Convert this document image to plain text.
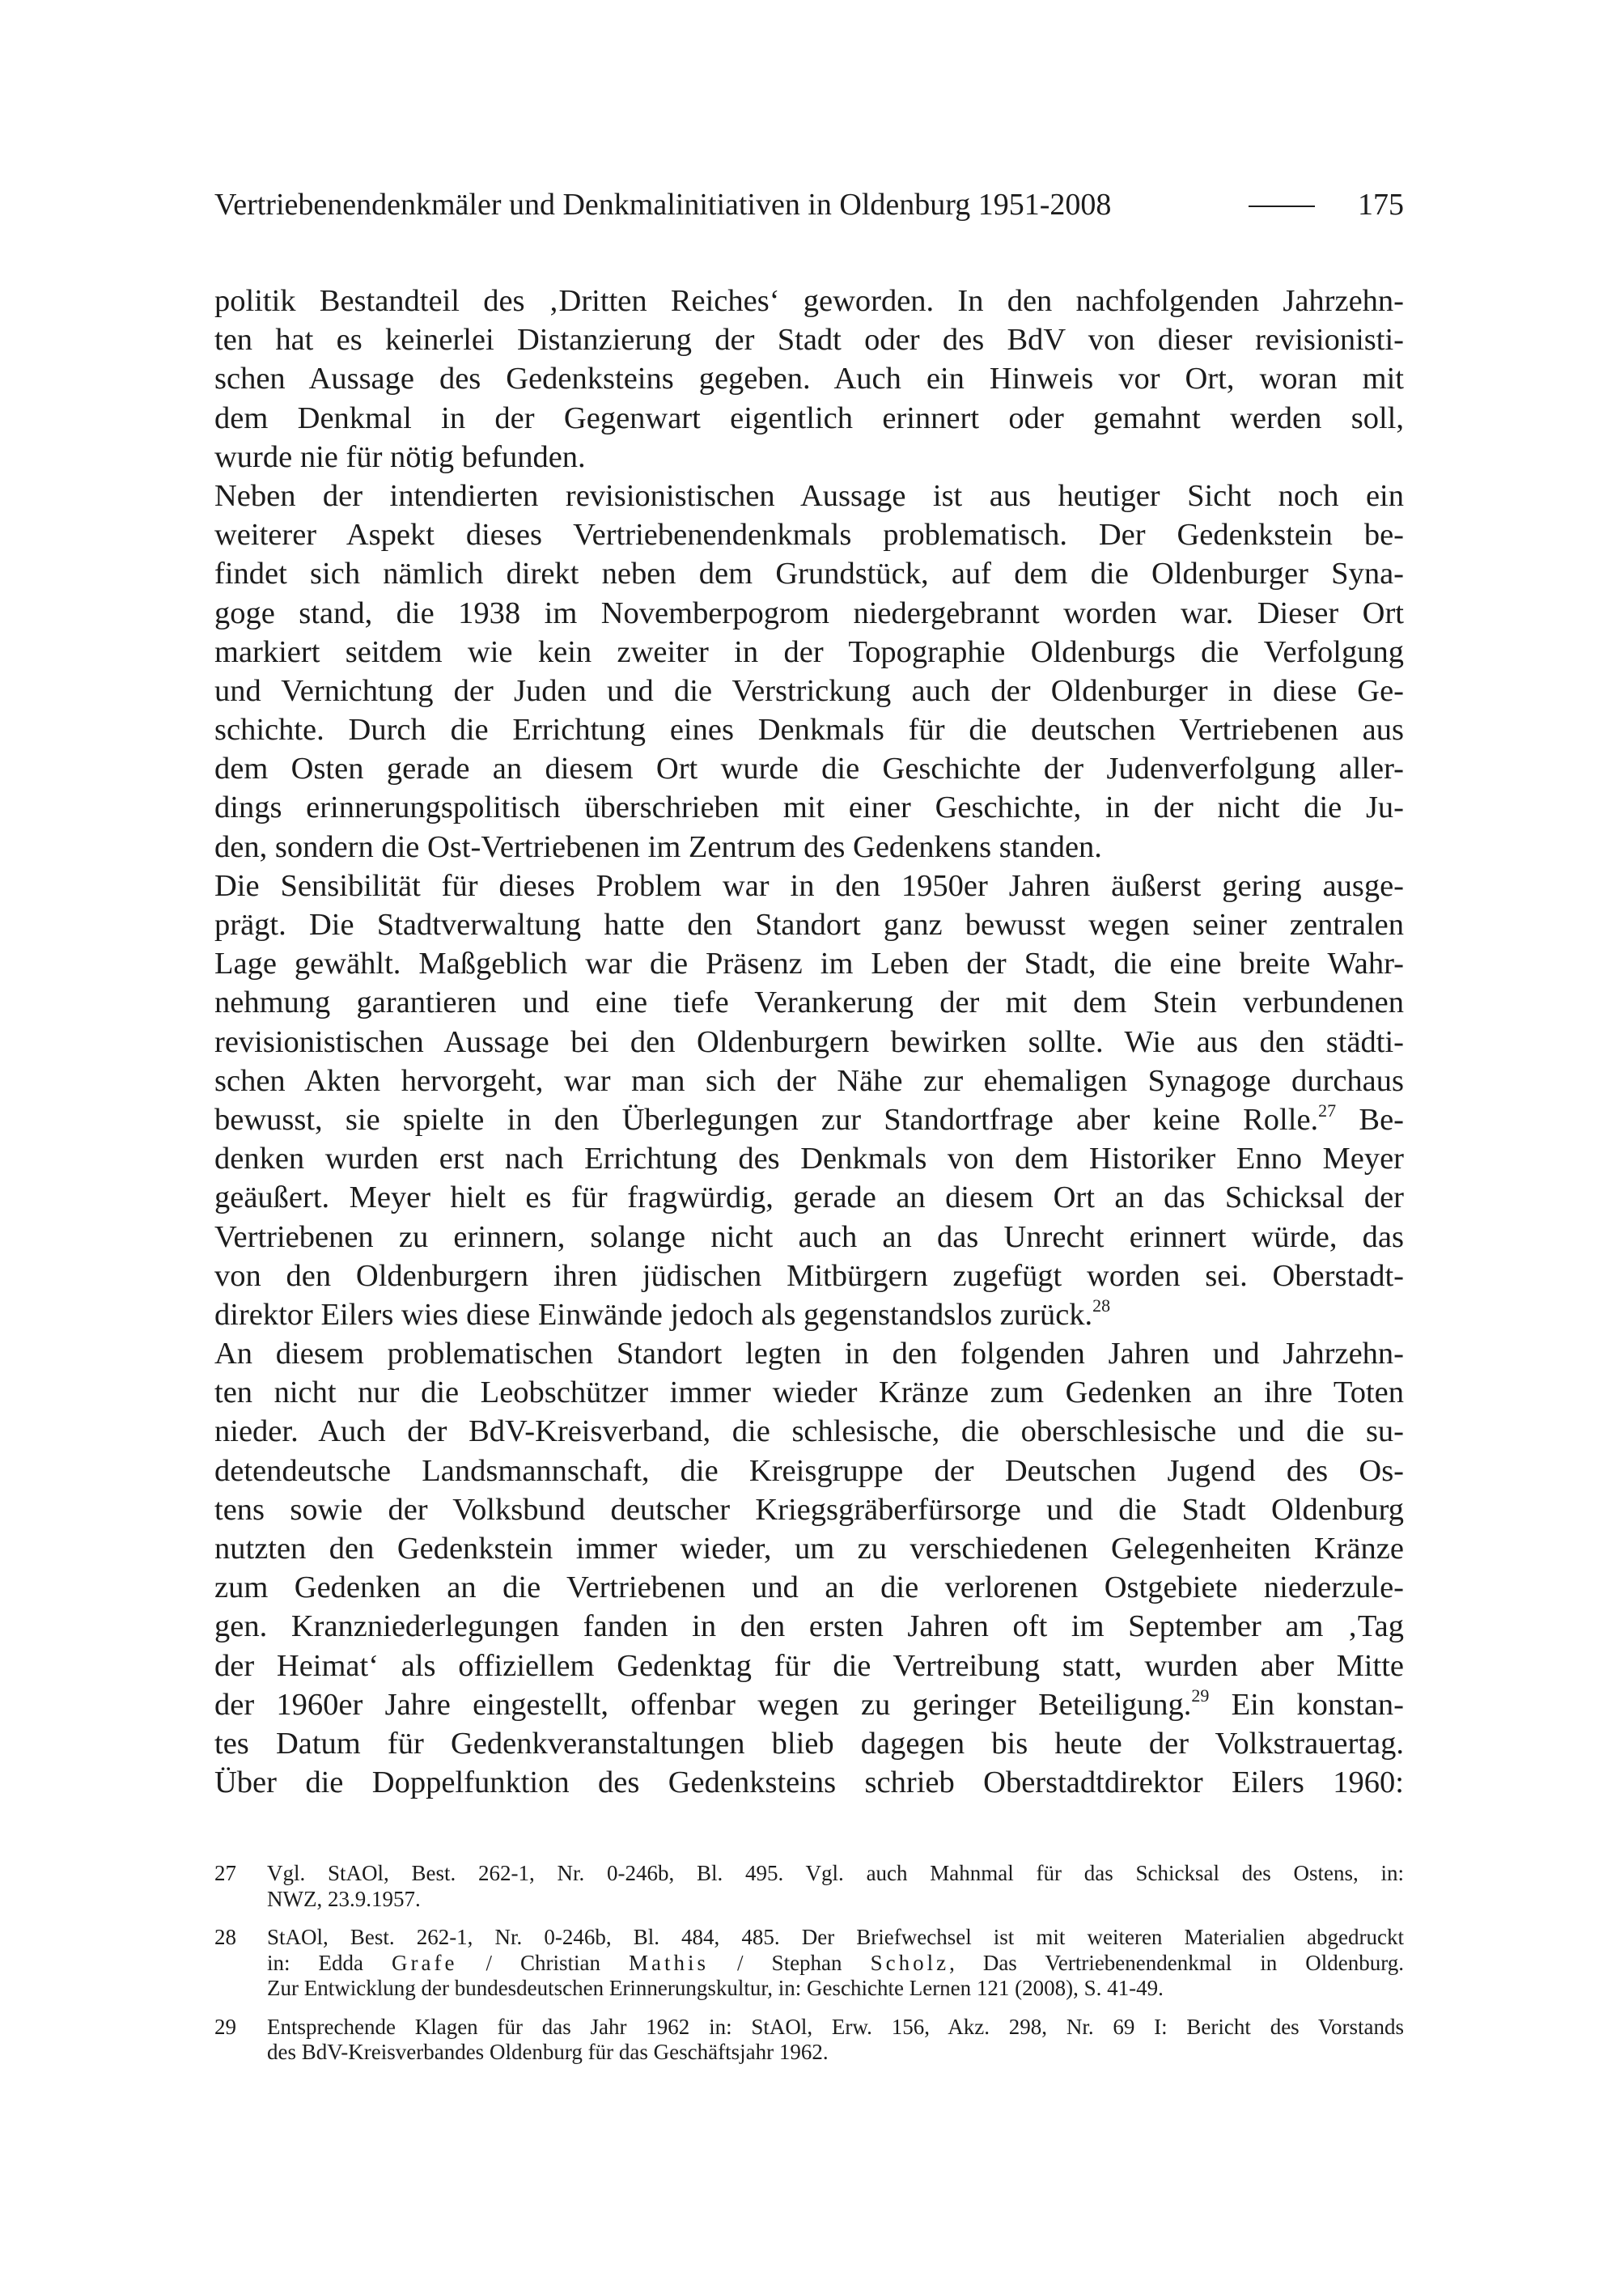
Vertriebenendenkmäler und Denkmalinitiativen in Oldenburg 1951-2008	175
politik Bestandteil des ‚Dritten Reiches‘ geworden. In den nachfolgenden Jahrzehn-
ten hat es keinerlei Distanzierung der Stadt oder des BdV von dieser revisionisti-
schen Aussage des Gedenksteins gegeben. Auch ein Hinweis vor Ort, woran mit
dem Denkmal in der Gegenwart eigentlich erinnert oder gemahnt werden soll,
wurde nie für nötig befunden.
Neben der intendierten revisionistischen Aussage ist aus heutiger Sicht noch ein
weiterer Aspekt dieses Vertriebenendenkmals problematisch. Der Gedenkstein be-
findet sich nämlich direkt neben dem Grundstück, auf dem die Oldenburger Syna-
goge stand, die 1938 im Novemberpogrom niedergebrannt worden war. Dieser Ort
markiert seitdem wie kein zweiter in der Topographie Oldenburgs die Verfolgung
und Vernichtung der Juden und die Verstrickung auch der Oldenburger in diese Ge-
schichte. Durch die Errichtung eines Denkmals für die deutschen Vertriebenen aus
dem Osten gerade an diesem Ort wurde die Geschichte der Judenverfolgung aller-
dings erinnerungspolitisch überschrieben mit einer Geschichte, in der nicht die Ju-
den, sondern die Ost-Vertriebenen im Zentrum des Gedenkens standen.
Die Sensibilität für dieses Problem war in den 1950er Jahren äußerst gering ausge-
prägt. Die Stadtverwaltung hatte den Standort ganz bewusst wegen seiner zentralen
Lage gewählt. Maßgeblich war die Präsenz im Leben der Stadt, die eine breite Wahr-
nehmung garantieren und eine tiefe Verankerung der mit dem Stein verbundenen
revisionistischen Aussage bei den Oldenburgern bewirken sollte. Wie aus den städti-
schen Akten hervorgeht, war man sich der Nähe zur ehemaligen Synagoge durchaus
bewusst, sie spielte in den Überlegungen zur Standortfrage aber keine Rolle.$^{27}$ Be-
denken wurden erst nach Errichtung des Denkmals von dem Historiker Enno Meyer
geäußert. Meyer hielt es für fragwürdig, gerade an diesem Ort an das Schicksal der
Vertriebenen zu erinnern, solange nicht auch an das Unrecht erinnert würde, das
von den Oldenburgern ihren jüdischen Mitbürgern zugefügt worden sei. Oberstadt-
direktor Eilers wies diese Einwände jedoch als gegenstandslos zurück.$^{28}$
An diesem problematischen Standort legten in den folgenden Jahren und Jahrzehn-
ten nicht nur die Leobschützer immer wieder Kränze zum Gedenken an ihre Toten
nieder. Auch der BdV-Kreisverband, die schlesische, die oberschlesische und die su-
detendeutsche Landsmannschaft, die Kreisgruppe der Deutschen Jugend des Os-
tens sowie der Volksbund deutscher Kriegsgräberfürsorge und die Stadt Oldenburg
nutzten den Gedenkstein immer wieder, um zu verschiedenen Gelegenheiten Kränze
zum Gedenken an die Vertriebenen und an die verlorenen Ostgebiete niederzule-
gen. Kranzniederlegungen fanden in den ersten Jahren oft im September am ‚Tag
der Heimat‘ als offiziellem Gedenktag für die Vertreibung statt, wurden aber Mitte
der 1960er Jahre eingestellt, offenbar wegen zu geringer Beteiligung.$^{29}$ Ein konstan-
tes Datum für Gedenkveranstaltungen blieb dagegen bis heute der Volkstrauertag.
Über die Doppelfunktion des Gedenksteins schrieb Oberstadtdirektor Eilers 1960:
27 Vgl. StAOl, Best. 262-1, Nr. 0-246b, Bl. 495. Vgl. auch Mahnmal für das Schicksal des Ostens, in:
NWZ, 23.9.1957.
28 StAOl, Best. 262-1, Nr. 0-246b, Bl. 484, 485. Der Briefwechsel ist mit weiteren Materialien abgedruckt
in: Edda Grafe / Christian Mathis / Stephan Scholz, Das Vertriebenendenkmal in Oldenburg.
Zur Entwicklung der bundesdeutschen Erinnerungskultur, in: Geschichte Lernen 121 (2008), S. 41-49.
29 Entsprechende Klagen für das Jahr 1962 in: StAOl, Erw. 156, Akz. 298, Nr. 69 I: Bericht des Vorstands
des BdV-Kreisverbandes Oldenburg für das Geschäftsjahr 1962.
